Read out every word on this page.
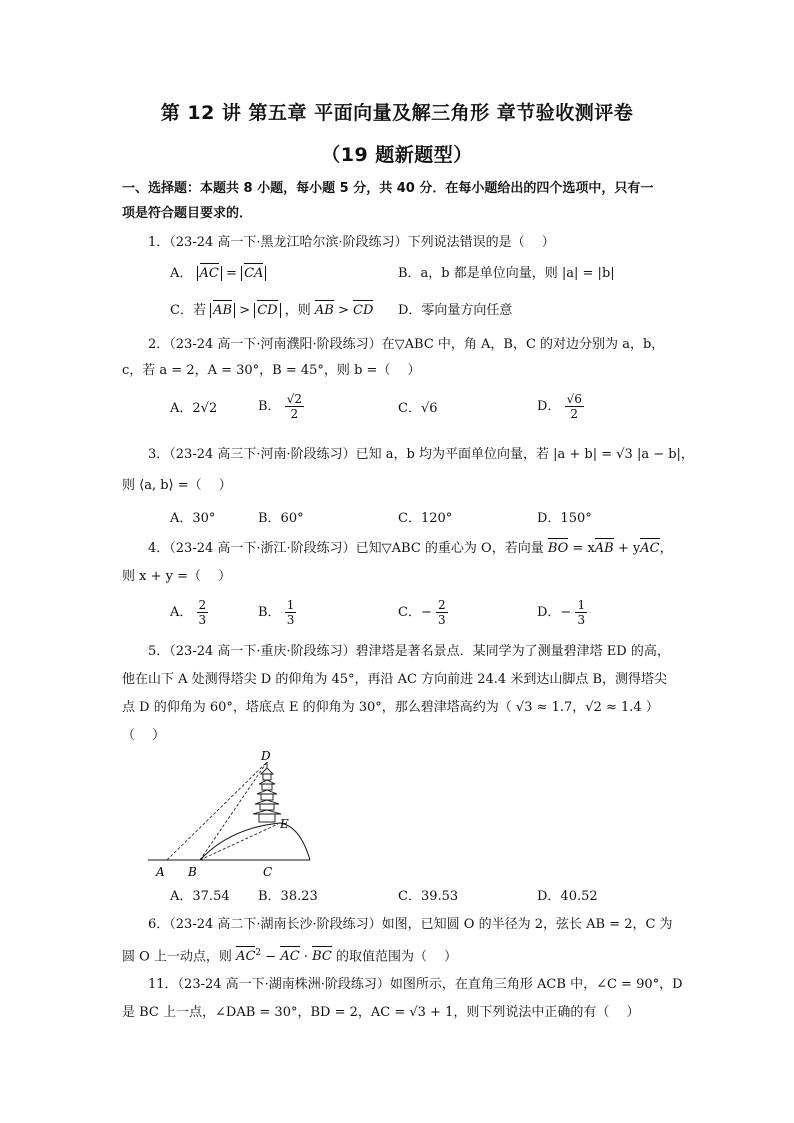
第 12 讲 第五章 平面向量及解三角形 章节验收测评卷
（19 题新题型）
一、选择题：本题共 8 小题，每小题 5 分，共 40 分．在每小题给出的四个选项中，只有一
项是符合题目要求的．
1．（23-24 高一下·黑龙江哈尔滨·阶段练习）下列说法错误的是（　 ）
A． AC = CA	B．a，b 都是单位向量，则 |a| = |b|
C．若 AB > CD ，则 AB > CD D．零向量方向任意
2．（23-24 高一下·河南濮阳·阶段练习）在▽ABC 中，角 A，B，C 的对边分别为 a，b，
c，若 a = 2，A = 30°，B = 45°，则 b =（　 ）
A．2√2	B． $\frac{√2}{2}$	C．√6	D． $\frac{√6}{2}$
3．（23-24 高三下·河南·阶段练习）已知 a，b 均为平面单位向量，若 |a + b| = √3 |a − b|，
则 ⟨a, b⟩ =（　 ）
A．30°	B．60°	C．120°	D．150°
4．（23-24 高一下·浙江·阶段练习）已知▽ABC 的重心为 O，若向量 BO = xAB + yAC，
则 x + y =（　 ）
A． $\frac{2}{3}$	B． $\frac{1}{3}$	C．− $\frac{2}{3}$	D．− $\frac{1}{3}$
5．（23-24 高一下·重庆·阶段练习）碧津塔是著名景点．某同学为了测量碧津塔 ED 的高，
他在山下 A 处测得塔尖 D 的仰角为 45°，再沿 AC 方向前进 24.4 米到达山脚点 B，测得塔尖
点 D 的仰角为 60°，塔底点 E 的仰角为 30°，那么碧津塔高约为（ √3 ≈ 1.7，√2 ≈ 1.4 ）
（　 ）
D
E
A B	C
A．37.54 B．38.23	C．39.53	D．40.52
6．（23-24 高二下·湖南长沙·阶段练习）如图，已知圆 O 的半径为 2，弦长 AB = 2，C 为
圆 O 上一动点，则 $AC^2$ − AC · BC 的取值范围为（　 ）
11．（23-24 高一下·湖南株洲·阶段练习）如图所示，在直角三角形 ACB 中，∠C = 90°，D
是 BC 上一点，∠DAB = 30°，BD = 2，AC = √3 + 1，则下列说法中正确的有（　 ）
